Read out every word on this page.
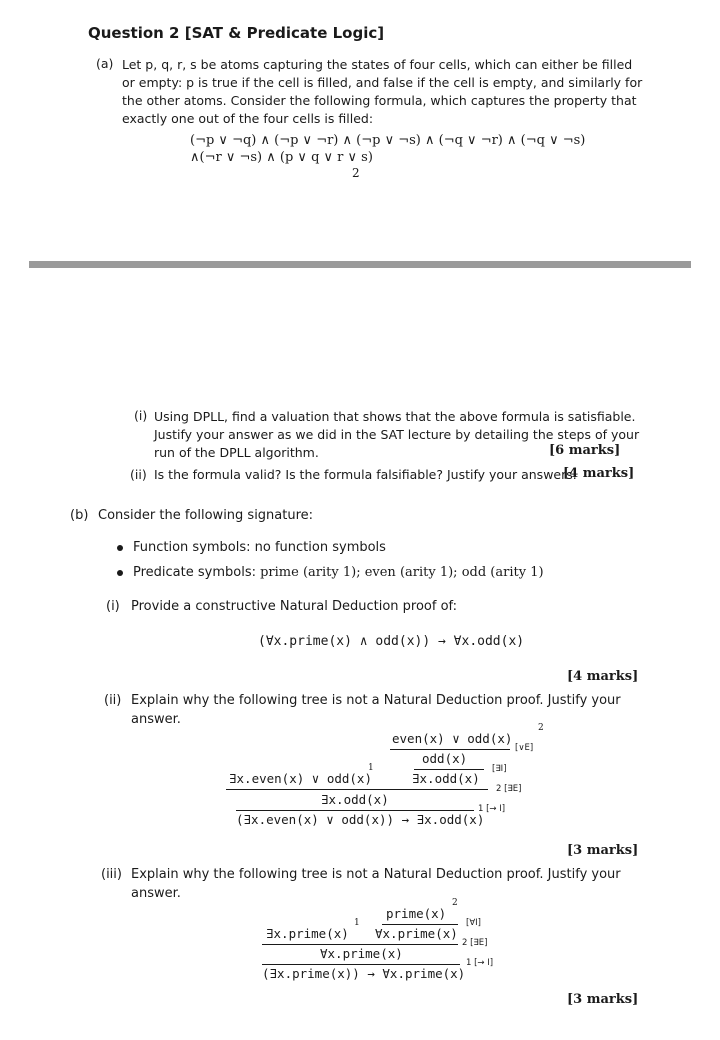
Question 2 [SAT & Predicate Logic]
(a) Let p, q, r, s be atoms capturing the states of four cells, which can either be filled
or empty: p is true if the cell is filled, and false if the cell is empty, and similarly for
the other atoms. Consider the following formula, which captures the property that
exactly one out of the four cells is filled:
(¬p ∨ ¬q) ∧ (¬p ∨ ¬r) ∧ (¬p ∨ ¬s) ∧ (¬q ∨ ¬r) ∧ (¬q ∨ ¬s)
∧(¬r ∨ ¬s) ∧ (p ∨ q ∨ r ∨ s)
2
(i) Using DPLL, find a valuation that shows that the above formula is satisfiable.
Justify your answer as we did in the SAT lecture by detailing the steps of your
run of the DPLL algorithm.	[6 marks]
(ii) Is the formula valid? Is the formula falsifiable? Justify your answers.
[4 marks]
(b) Consider the following signature:
Function symbols: no function symbols
Predicate symbols: prime (arity 1); even (arity 1); odd (arity 1)
(i) Provide a constructive Natural Deduction proof of:
(∀x.prime(x) ∧ odd(x)) → ∀x.odd(x)
[4 marks]
(ii) Explain why the following tree is not a Natural Deduction proof. Justify your
answer.
even(x) ∨ odd(x)
2
[∨E]
odd(x)
[∃I]
∃x.even(x) ∨ odd(x)
1
∃x.odd(x)
2 [∃E]
∃x.odd(x)
1 [→ I]
(∃x.even(x) ∨ odd(x)) → ∃x.odd(x)
[3 marks]
(iii) Explain why the following tree is not a Natural Deduction proof. Justify your
answer.
prime(x)
2
[∀I]
∃x.prime(x)
1
∀x.prime(x)
2 [∃E]
∀x.prime(x)
1 [→ I]
(∃x.prime(x)) → ∀x.prime(x)
[3 marks]
